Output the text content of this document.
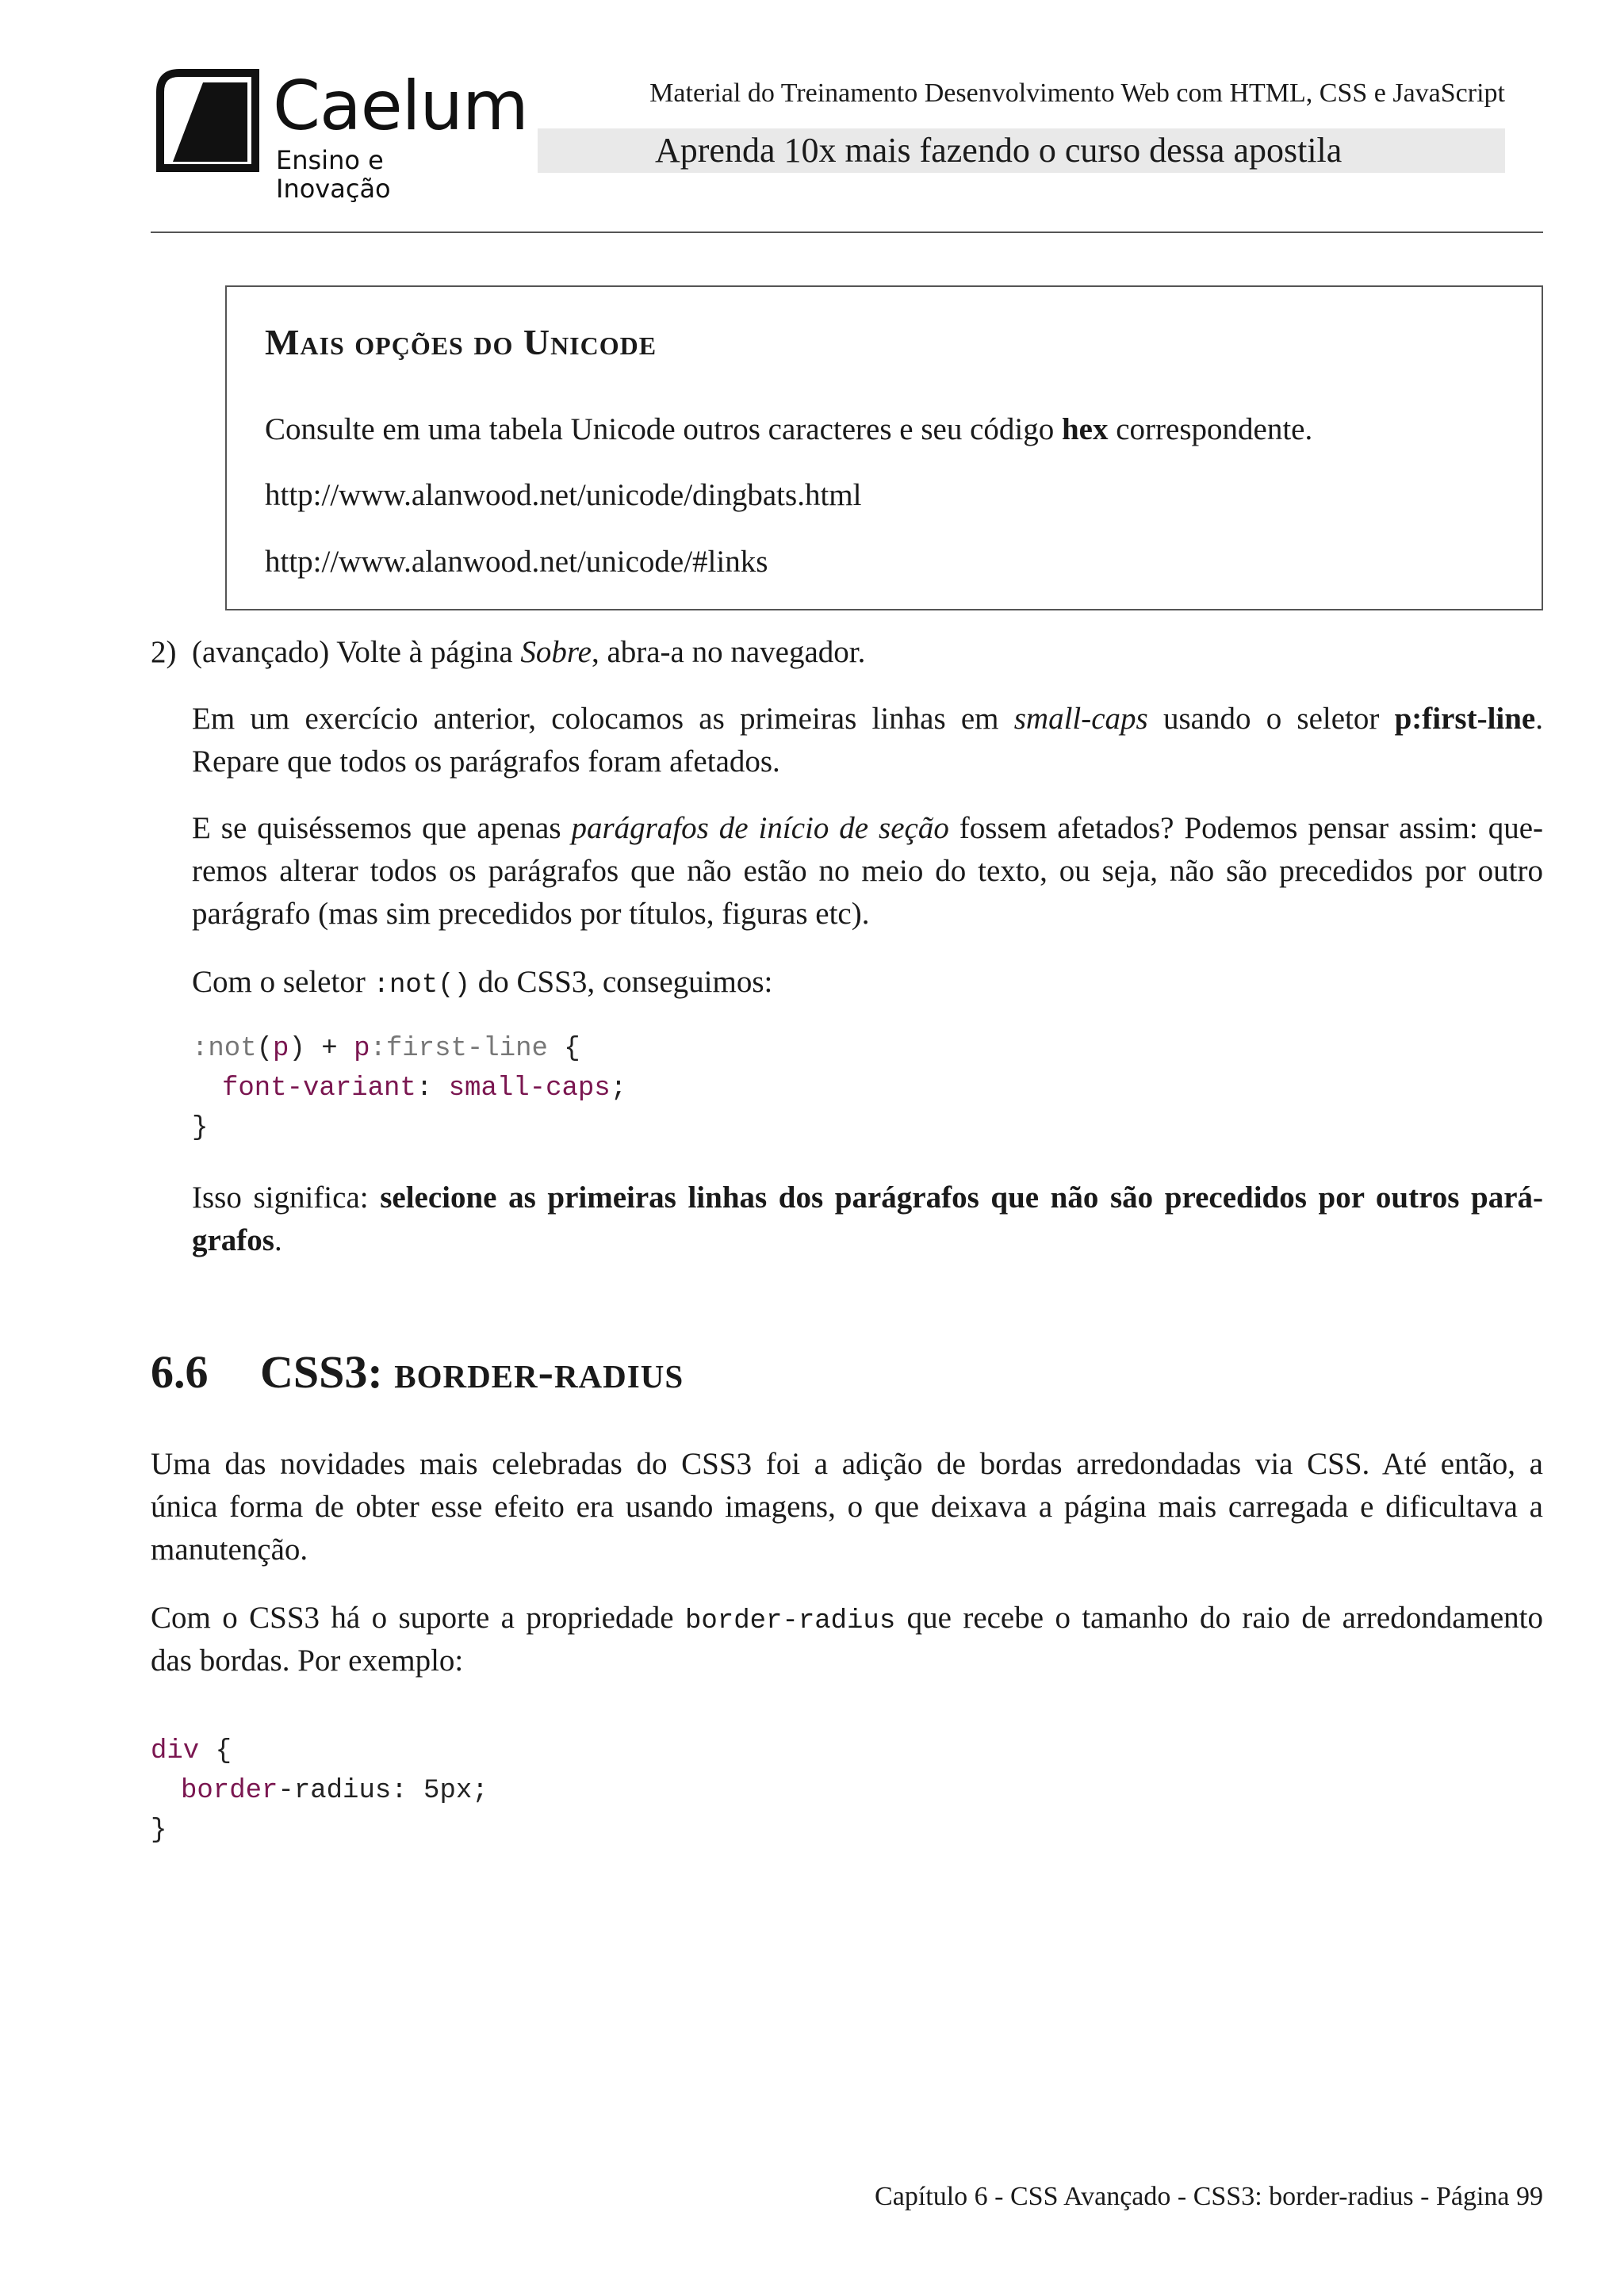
* Caelum
Ensino e Inovação
Material do Treinamento Desenvolvimento Web com HTML, CSS e JavaScript
Aprenda 10x mais fazendo o curso dessa apostila
Mais opções do Unicode
Consulte em uma tabela Unicode outros caracteres e seu código hex correspondente.
http://www.alanwood.net/unicode/dingbats.html
http://www.alanwood.net/unicode/#links
2) (avançado) Volte à página Sobre, abra-a no navegador.
Em um exercício anterior, colocamos as primeiras linhas em small-caps usando o seletor p:first-line.
Repare que todos os parágrafos foram afetados.
E se quiséssemos que apenas parágrafos de início de seção fossem afetados? Podemos pensar assim: que-
remos alterar todos os parágrafos que não estão no meio do texto, ou seja, não são precedidos por outro
parágrafo (mas sim precedidos por títulos, figuras etc).
Com o seletor :not() do CSS3, conseguimos:
:not(p) + p:first-line {

font-variant: small-caps;
}
Isso significa: selecione as primeiras linhas dos parágrafos que não são precedidos por outros pará-
grafos.
6.6 CSS3: border-radius
Uma das novidades mais celebradas do CSS3 foi a adição de bordas arredondadas via CSS. Até então, a
única forma de obter esse efeito era usando imagens, o que deixava a página mais carregada e dificultava a
manutenção.
Com o CSS3 há o suporte a propriedade border-radius que recebe o tamanho do raio de arredondamento
das bordas. Por exemplo:
div {
border-radius: 5px;
}
Capítulo 6 - CSS Avançado - CSS3: border-radius - Página 99
